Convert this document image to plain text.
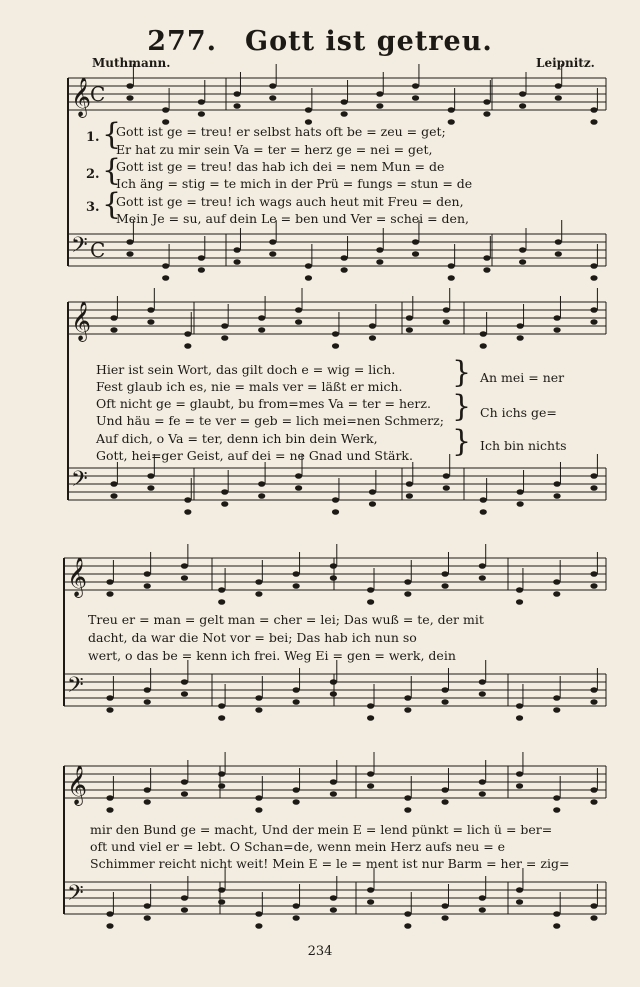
277. Gott ist getreu.
Muthmann.	Leipnitz.
𝄞
C
𝄢 C
𝄞
𝄢
𝄞
𝄢
𝄞
𝄢
1.
2.
3.
{
{
{
Gott ist ge = treu! er selbst hats oft be = zeu = get;
Er hat zu mir sein Va = ter = herz ge = nei = get,
Gott ist ge = treu! das hab ich dei = nem Mun = de
Ich äng = stig = te mich in der Prü = fungs = stun = de
Gott ist ge = treu! ich wags auch heut mit Freu = den,
Mein Je = su, auf dein Le = ben und Ver = schei = den,
Hier ist sein Wort, das gilt doch e = wig = lich.
Fest glaub ich es, nie = mals ver = läßt er mich.
Oft nicht ge = glaubt, bu from=mes Va = ter = herz.
Und häu = fe = te ver = geb = lich mei=nen Schmerz;
Auf dich, o Va = ter, denn ich bin dein Werk,
Gott, hei=ger Geist, auf dei = ne Gnad und Stärk.
}
}
}
An mei = ner
Ch ichs ge=
Ich bin nichts
Treu er = man = gelt man = cher = lei; Das wuß = te, der mit
dacht, da war die Not vor = bei; Das hab ich nun so
wert, o das be = kenn ich frei. Weg Ei = gen = werk, dein
mir den Bund ge = macht, Und der mein E = lend pünkt = lich ü = ber=
oft und viel er = lebt. O Schan=de, wenn mein Herz aufs neu = e
Schimmer reicht nicht weit! Mein E = le = ment ist nur Barm = her = zig=
234
